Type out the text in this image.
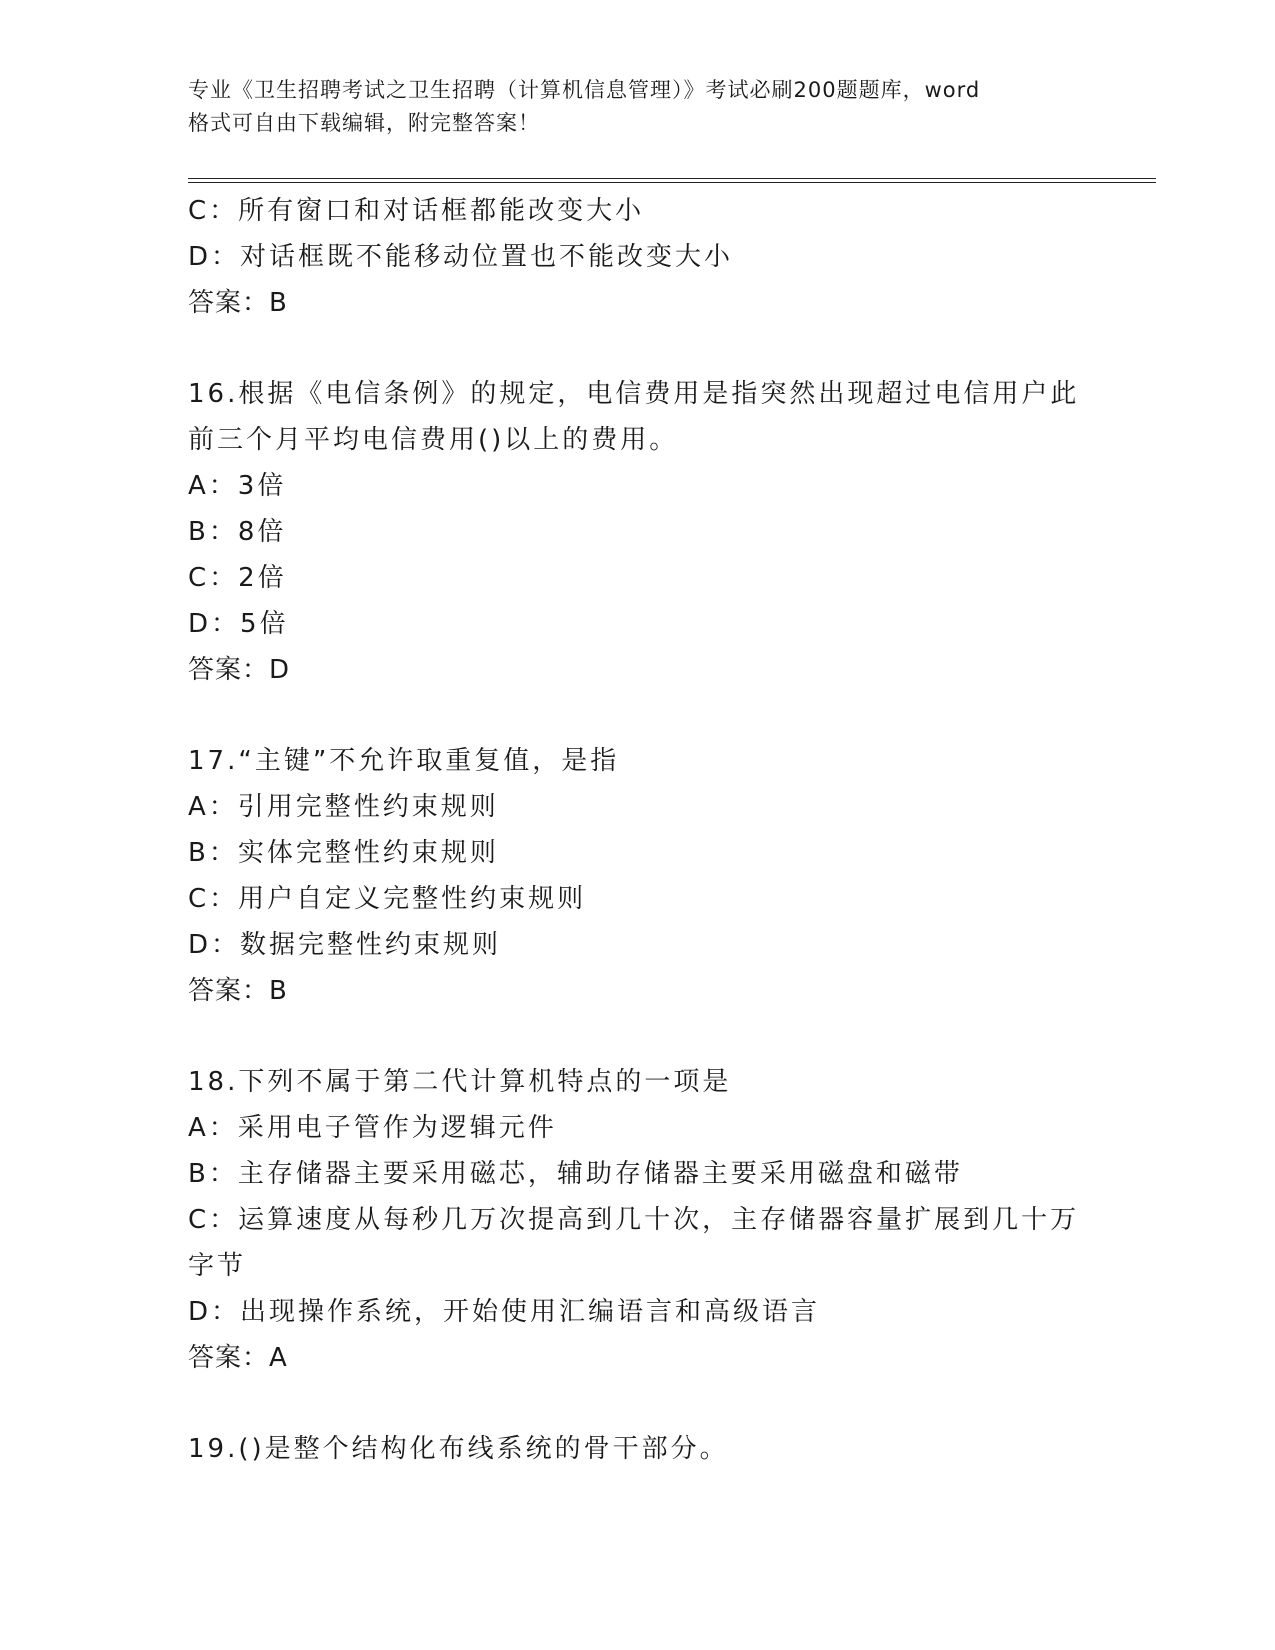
专业《卫生招聘考试之卫生招聘（计算机信息管理）》考试必刷200题题库，word
格式可自由下载编辑，附完整答案！
C：所有窗口和对话框都能改变大小
D：对话框既不能移动位置也不能改变大小
答案：B
16.根据《电信条例》的规定，电信费用是指突然出现超过电信用户此
前三个月平均电信费用()以上的费用。
A：3倍
B：8倍
C：2倍
D：5倍
答案：D
17.“主键”不允许取重复值，是指
A：引用完整性约束规则
B：实体完整性约束规则
C：用户自定义完整性约束规则
D：数据完整性约束规则
答案：B
18.下列不属于第二代计算机特点的一项是
A：采用电子管作为逻辑元件
B：主存储器主要采用磁芯，辅助存储器主要采用磁盘和磁带
C：运算速度从每秒几万次提高到几十次，主存储器容量扩展到几十万
字节
D：出现操作系统，开始使用汇编语言和高级语言
答案：A
19.()是整个结构化布线系统的骨干部分。
